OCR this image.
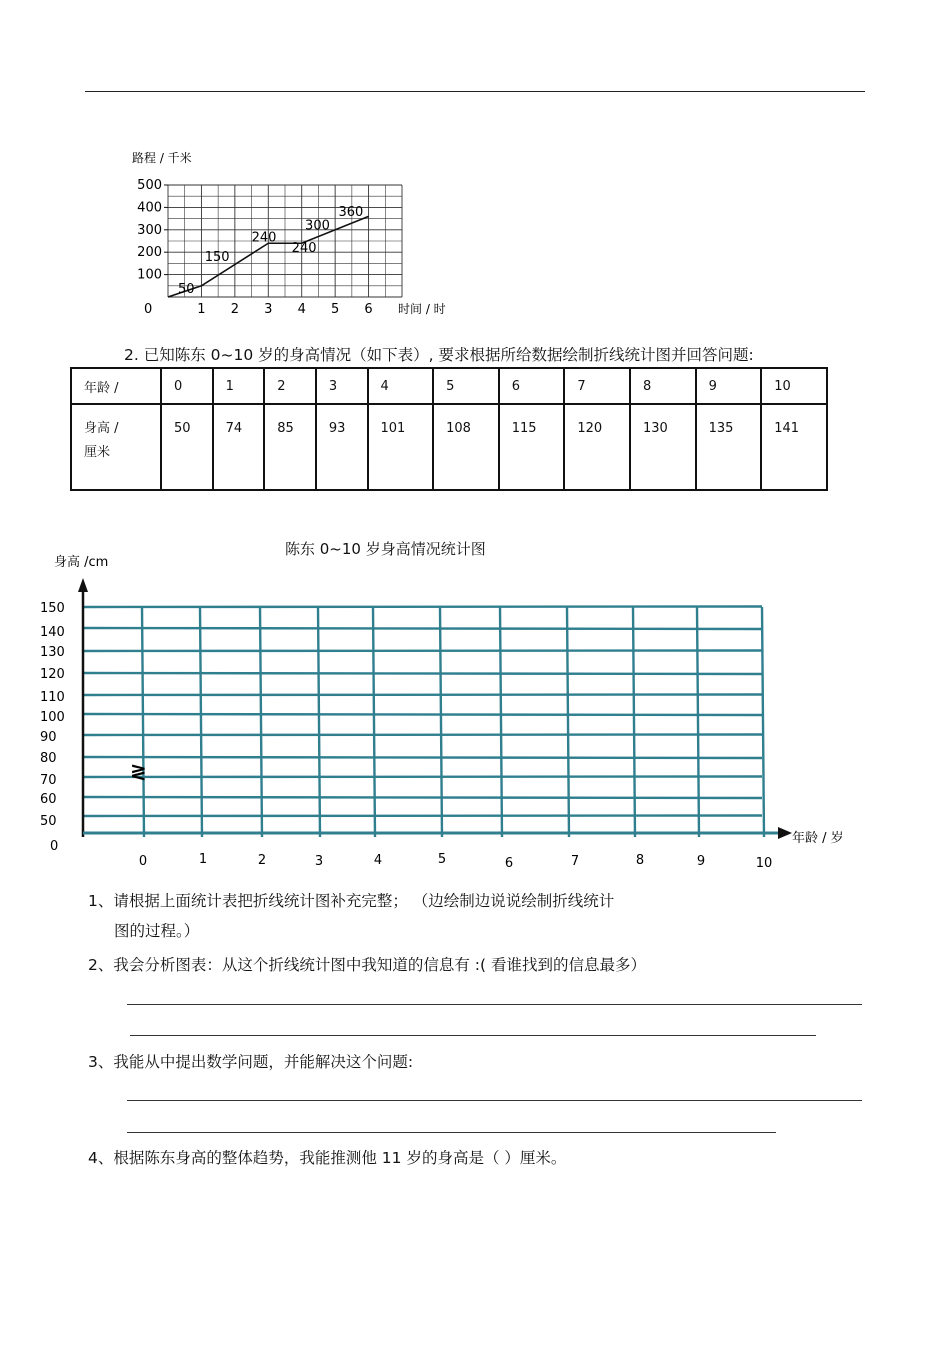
路程 / 千米
100
200
300
400
500
1 2 3 4 5 6
0	时间 / 时
50
150
240
240
300
360
2. 已知陈东 0~10 岁的身高情况（如下表）, 要求根据所给数据绘制折线统计图并回答问题:
年龄 /	0	1	2	3	4	5	6	7	8	9	10
身高 /
厘米	50	74	85	93	101	108	115	120	130	135	141
陈东 0~10 岁身高情况统计图
身高 /cm
150
140
130
120
110
100
90
80
70
60
50
0	1	2	3	4	5	6	7	8	9	10
0
年龄 / 岁
≷
1、请根据上面统计表把折线统计图补充完整； （边绘制边说说绘制折线统计
图的过程。）
2、我会分析图表：从这个折线统计图中我知道的信息有 :( 看谁找到的信息最多）
3、我能从中提出数学问题，并能解决这个问题:
4、根据陈东身高的整体趋势，我能推测他 11 岁的身高是（ ）厘米。
